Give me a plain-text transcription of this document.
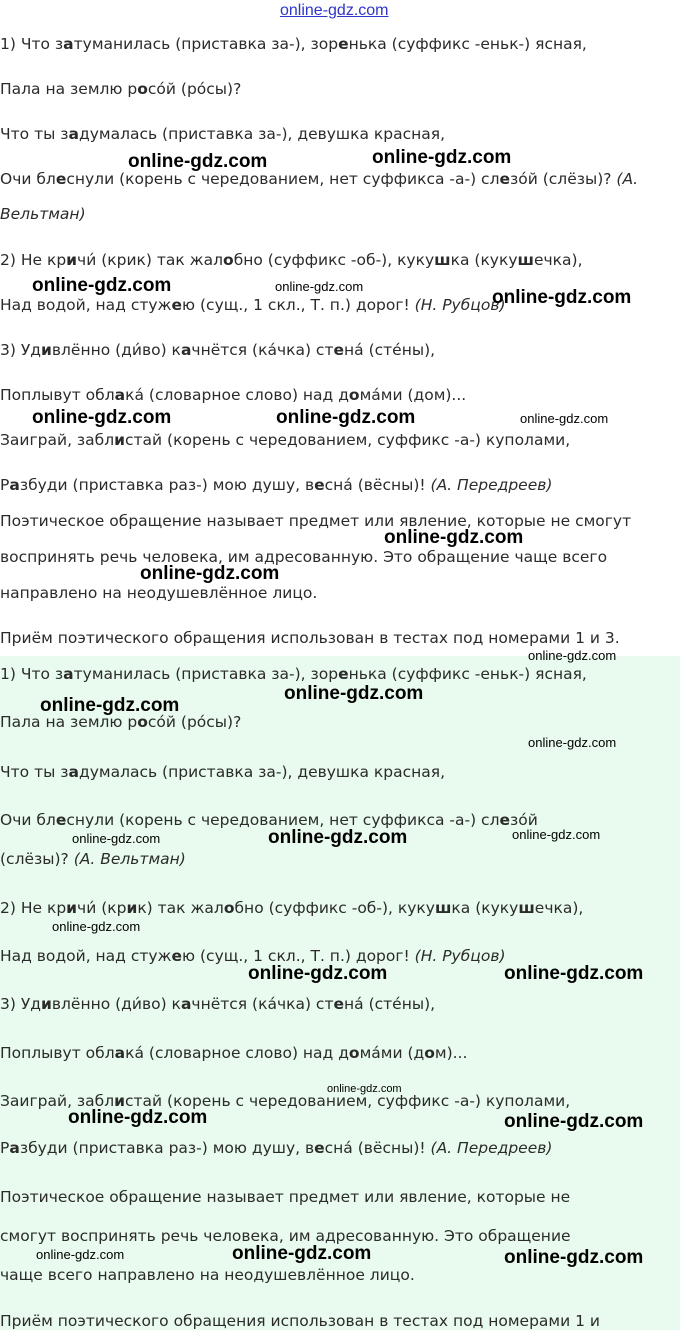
online-gdz.com
1) Что затуманилась (приставка за-), зоренька (суффикс -еньк-) ясная,
Пала на землю росо́й (ро́сы)?
Что ты задумалась (приставка за-), девушка красная,
Очи блеснули (корень с чередованием, нет суффикса -а-) слезо́й (слёзы)? (А.
Вельтман)
2) Не кричи́ (крик) так жалобно (суффикс -об-), кукушка (кукушечка),
Над водой, над стужею (сущ., 1 скл., Т. п.) дорог! (Н. Рубцов)
3) Удивлённо (ди́во) качнётся (ка́чка) стена́ (сте́ны),
Поплывут облака́ (словарное слово) над дома́ми (дом)...
Заиграй, заблистай (корень с чередованием, суффикс -а-) куполами,
Разбуди (приставка раз-) мою душу, весна́ (вёсны)! (А. Передреев)
Поэтическое обращение называет предмет или явление, которые не смогут
воспринять речь человека, им адресованную. Это обращение чаще всего
направлено на неодушевлённое лицо.
Приём поэтического обращения использован в тестах под номерами 1 и 3.
online-gdz.com	online-gdz.com
online-gdz.com	online-gdz.com
online-gdz.com
online-gdz.com	online-gdz.com	online-gdz.com
online-gdz.com
online-gdz.com
1) Что затуманилась (приставка за-), зоренька (суффикс -еньк-) ясная,
Пала на землю росо́й (ро́сы)?
Что ты задумалась (приставка за-), девушка красная,
Очи блеснули (корень с чередованием, нет суффикса -а-) слезо́й
(слёзы)? (А. Вельтман)
2) Не кричи́ (крик) так жалобно (суффикс -об-), кукушка (кукушечка),
Над водой, над стужею (сущ., 1 скл., Т. п.) дорог! (Н. Рубцов)
3) Удивлённо (ди́во) качнётся (ка́чка) стена́ (сте́ны),
Поплывут облака́ (словарное слово) над дома́ми (дом)...
Заиграй, заблистай (корень с чередованием, суффикс -а-) куполами,
Разбуди (приставка раз-) мою душу, весна́ (вёсны)! (А. Передреев)
Поэтическое обращение называет предмет или явление, которые не
смогут воспринять речь человека, им адресованную. Это обращение
чаще всего направлено на неодушевлённое лицо.
Приём поэтического обращения использован в тестах под номерами 1 и
online-gdz.com
online-gdz.com
online-gdz.com
online-gdz.com
online-gdz.com	online-gdz.com	online-gdz.com
online-gdz.com
online-gdz.com	online-gdz.com
online-gdz.com
online-gdz.com	online-gdz.com
online-gdz.com	online-gdz.com	online-gdz.com
